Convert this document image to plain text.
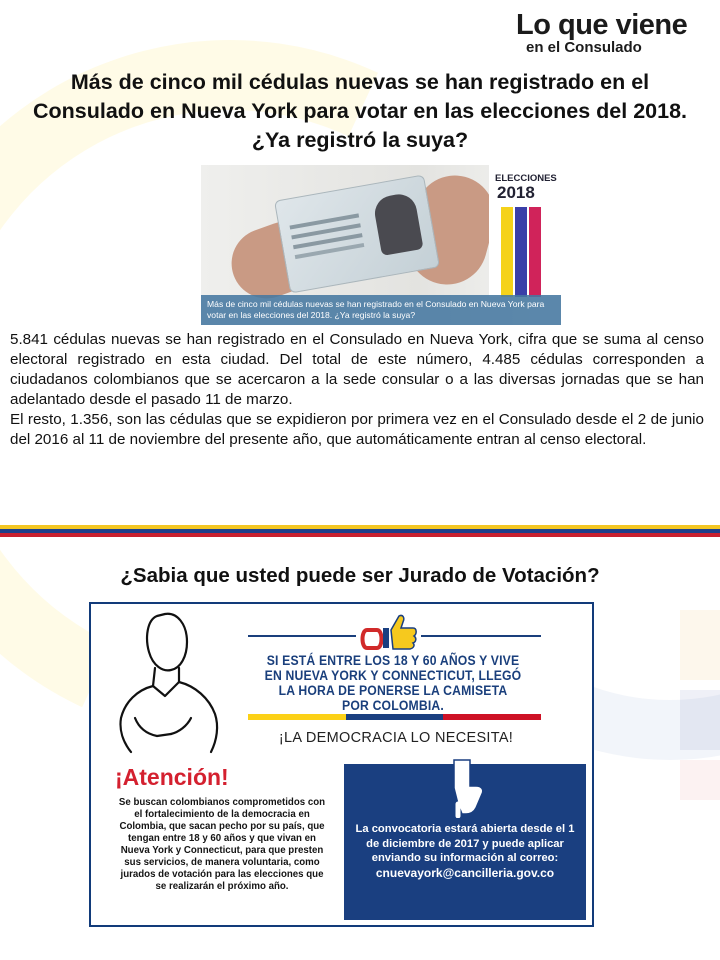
Lo que viene
en el Consulado
Más de cinco mil cédulas nuevas se han registrado en el Consulado en Nueva York para votar en las elecciones del 2018. ¿Ya registró la suya?
ELECCIONES
2018
Más de cinco mil cédulas nuevas se han registrado en el Consulado en Nueva York para votar en las elecciones del 2018. ¿Ya registró la suya?

5.841 cédulas nuevas se han registrado en el Consulado en Nueva York, cifra que se suma al censo electoral registrado en esta ciudad. Del total de este número, 4.485 cédulas corresponden a ciudadanos colombianos que se acercaron a la sede consular o a las diversas jornadas que se han adelantado desde el pasado 11 de marzo.

El resto, 1.356, son las cédulas que se expidieron por primera vez en el Consulado desde el 2 de junio del 2016 al 11 de noviembre del presente año, que automáticamente entran al censo electoral.

¿Sabia que usted puede ser Jurado de Votación?
SI ESTÁ ENTRE LOS 18 Y 60 AÑOS Y VIVE EN NUEVA YORK Y CONNECTICUT, LLEGÓ LA HORA DE PONERSE LA CAMISETA POR COLOMBIA.
¡LA DEMOCRACIA LO NECESITA!
¡Atención!
Se buscan colombianos comprometidos con el fortalecimiento de la democracia en Colombia, que sacan pecho por su país, que tengan entre 18 y 60 años y que vivan en Nueva York y Connecticut, para que presten sus servicios, de manera voluntaria, como jurados de votación para las elecciones que se realizarán el próximo año.
La convocatoria estará abierta desde el 1 de diciembre de 2017 y puede aplicar enviando su información al correo:
cnuevayork@cancilleria.gov.co
